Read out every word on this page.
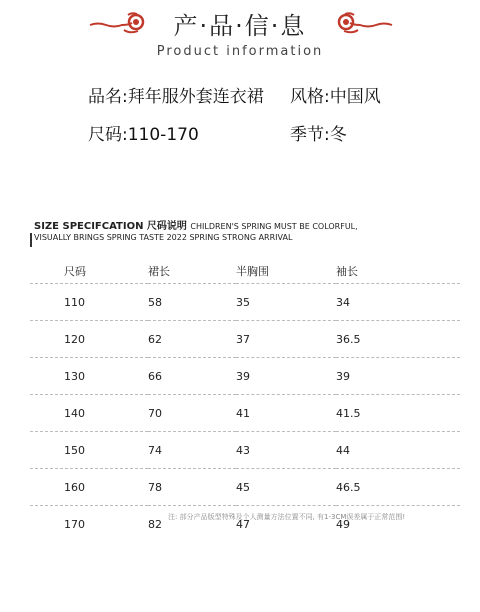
产·品·信·息
Product information
品名:拜年服外套连衣裙 风格:中国风
尺码:110-170	季节:冬
SIZE SPECIFCATION 尺码说明 CHILDREN'S SPRING MUST BE COLORFUL,
VISUALLY BRINGS SPRING TASTE 2022 SPRING STRONG ARRIVAL
尺码	裙长	半胸围	袖长
110	58	35	34
120	62	37	36.5
130	66	39	39
140	70	41	41.5
150	74	43	44
160	78	45	46.5
170	82	47	49
注: 部分产品版型特殊及个人测量方法位置不同, 有1-3CM误差属于正常范围!
